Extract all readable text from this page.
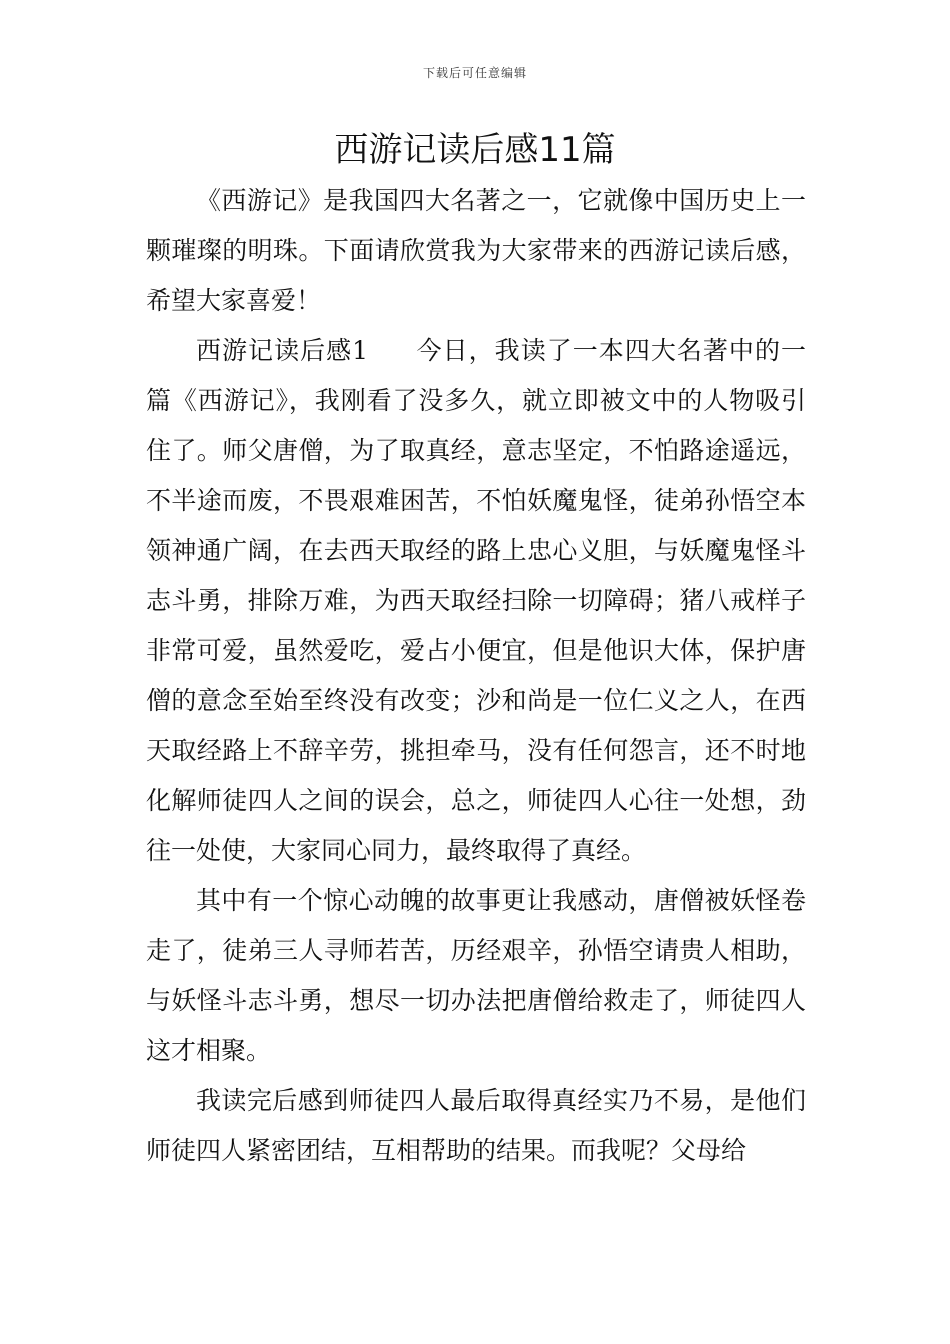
下载后可任意编辑
西游记读后感11篇

《西游记》是我国四大名著之一，它就像中国历史上一颗璀璨的明珠。下面请欣赏我为大家带来的西游记读后感，希望大家喜爱！

西游记读后感1 今日，我读了一本四大名著中的一篇《西游记》，我刚看了没多久，就立即被文中的人物吸引住了。师父唐僧，为了取真经，意志坚定，不怕路途遥远，不半途而废，不畏艰难困苦，不怕妖魔鬼怪，徒弟孙悟空本领神通广阔，在去西天取经的路上忠心义胆，与妖魔鬼怪斗志斗勇，排除万难，为西天取经扫除一切障碍；猪八戒样子非常可爱，虽然爱吃，爱占小便宜，但是他识大体，保护唐僧的意念至始至终没有改变；沙和尚是一位仁义之人，在西天取经路上不辞辛劳，挑担牵马，没有任何怨言，还不时地化解师徒四人之间的误会，总之，师徒四人心往一处想，劲往一处使，大家同心同力，最终取得了真经。

其中有一个惊心动魄的故事更让我感动，唐僧被妖怪卷走了，徒弟三人寻师若苦，历经艰辛，孙悟空请贵人相助，与妖怪斗志斗勇，想尽一切办法把唐僧给救走了，师徒四人这才相聚。

我读完后感到师徒四人最后取得真经实乃不易，是他们师徒四人紧密团结，互相帮助的结果。而我呢？父母给
